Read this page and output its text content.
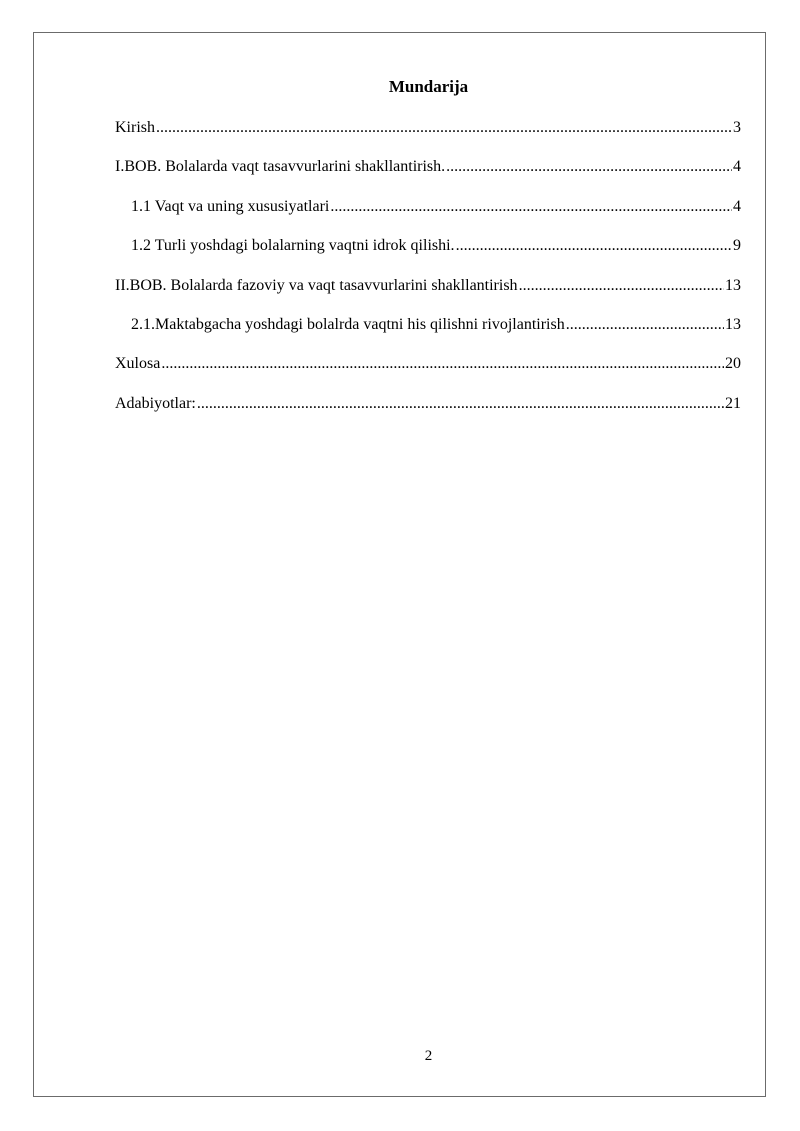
Mundarija
Kirish .....	3
I.BOB. Bolalarda vaqt tasavvurlarini shakllantirish. .....	4
1.1 Vaqt va uning xususiyatlari .....	4
1.2 Turli yoshdagi bolalarning vaqtni idrok qilishi. .....	9
II.BOB. Bolalarda fazoviy va vaqt tasavvurlarini shakllantirish .....	13
2.1.Maktabgacha yoshdagi bolalrda vaqtni his qilishni rivojlantirish .....	13
Xulosa .....	20
Adabiyotlar: .....	21
2
